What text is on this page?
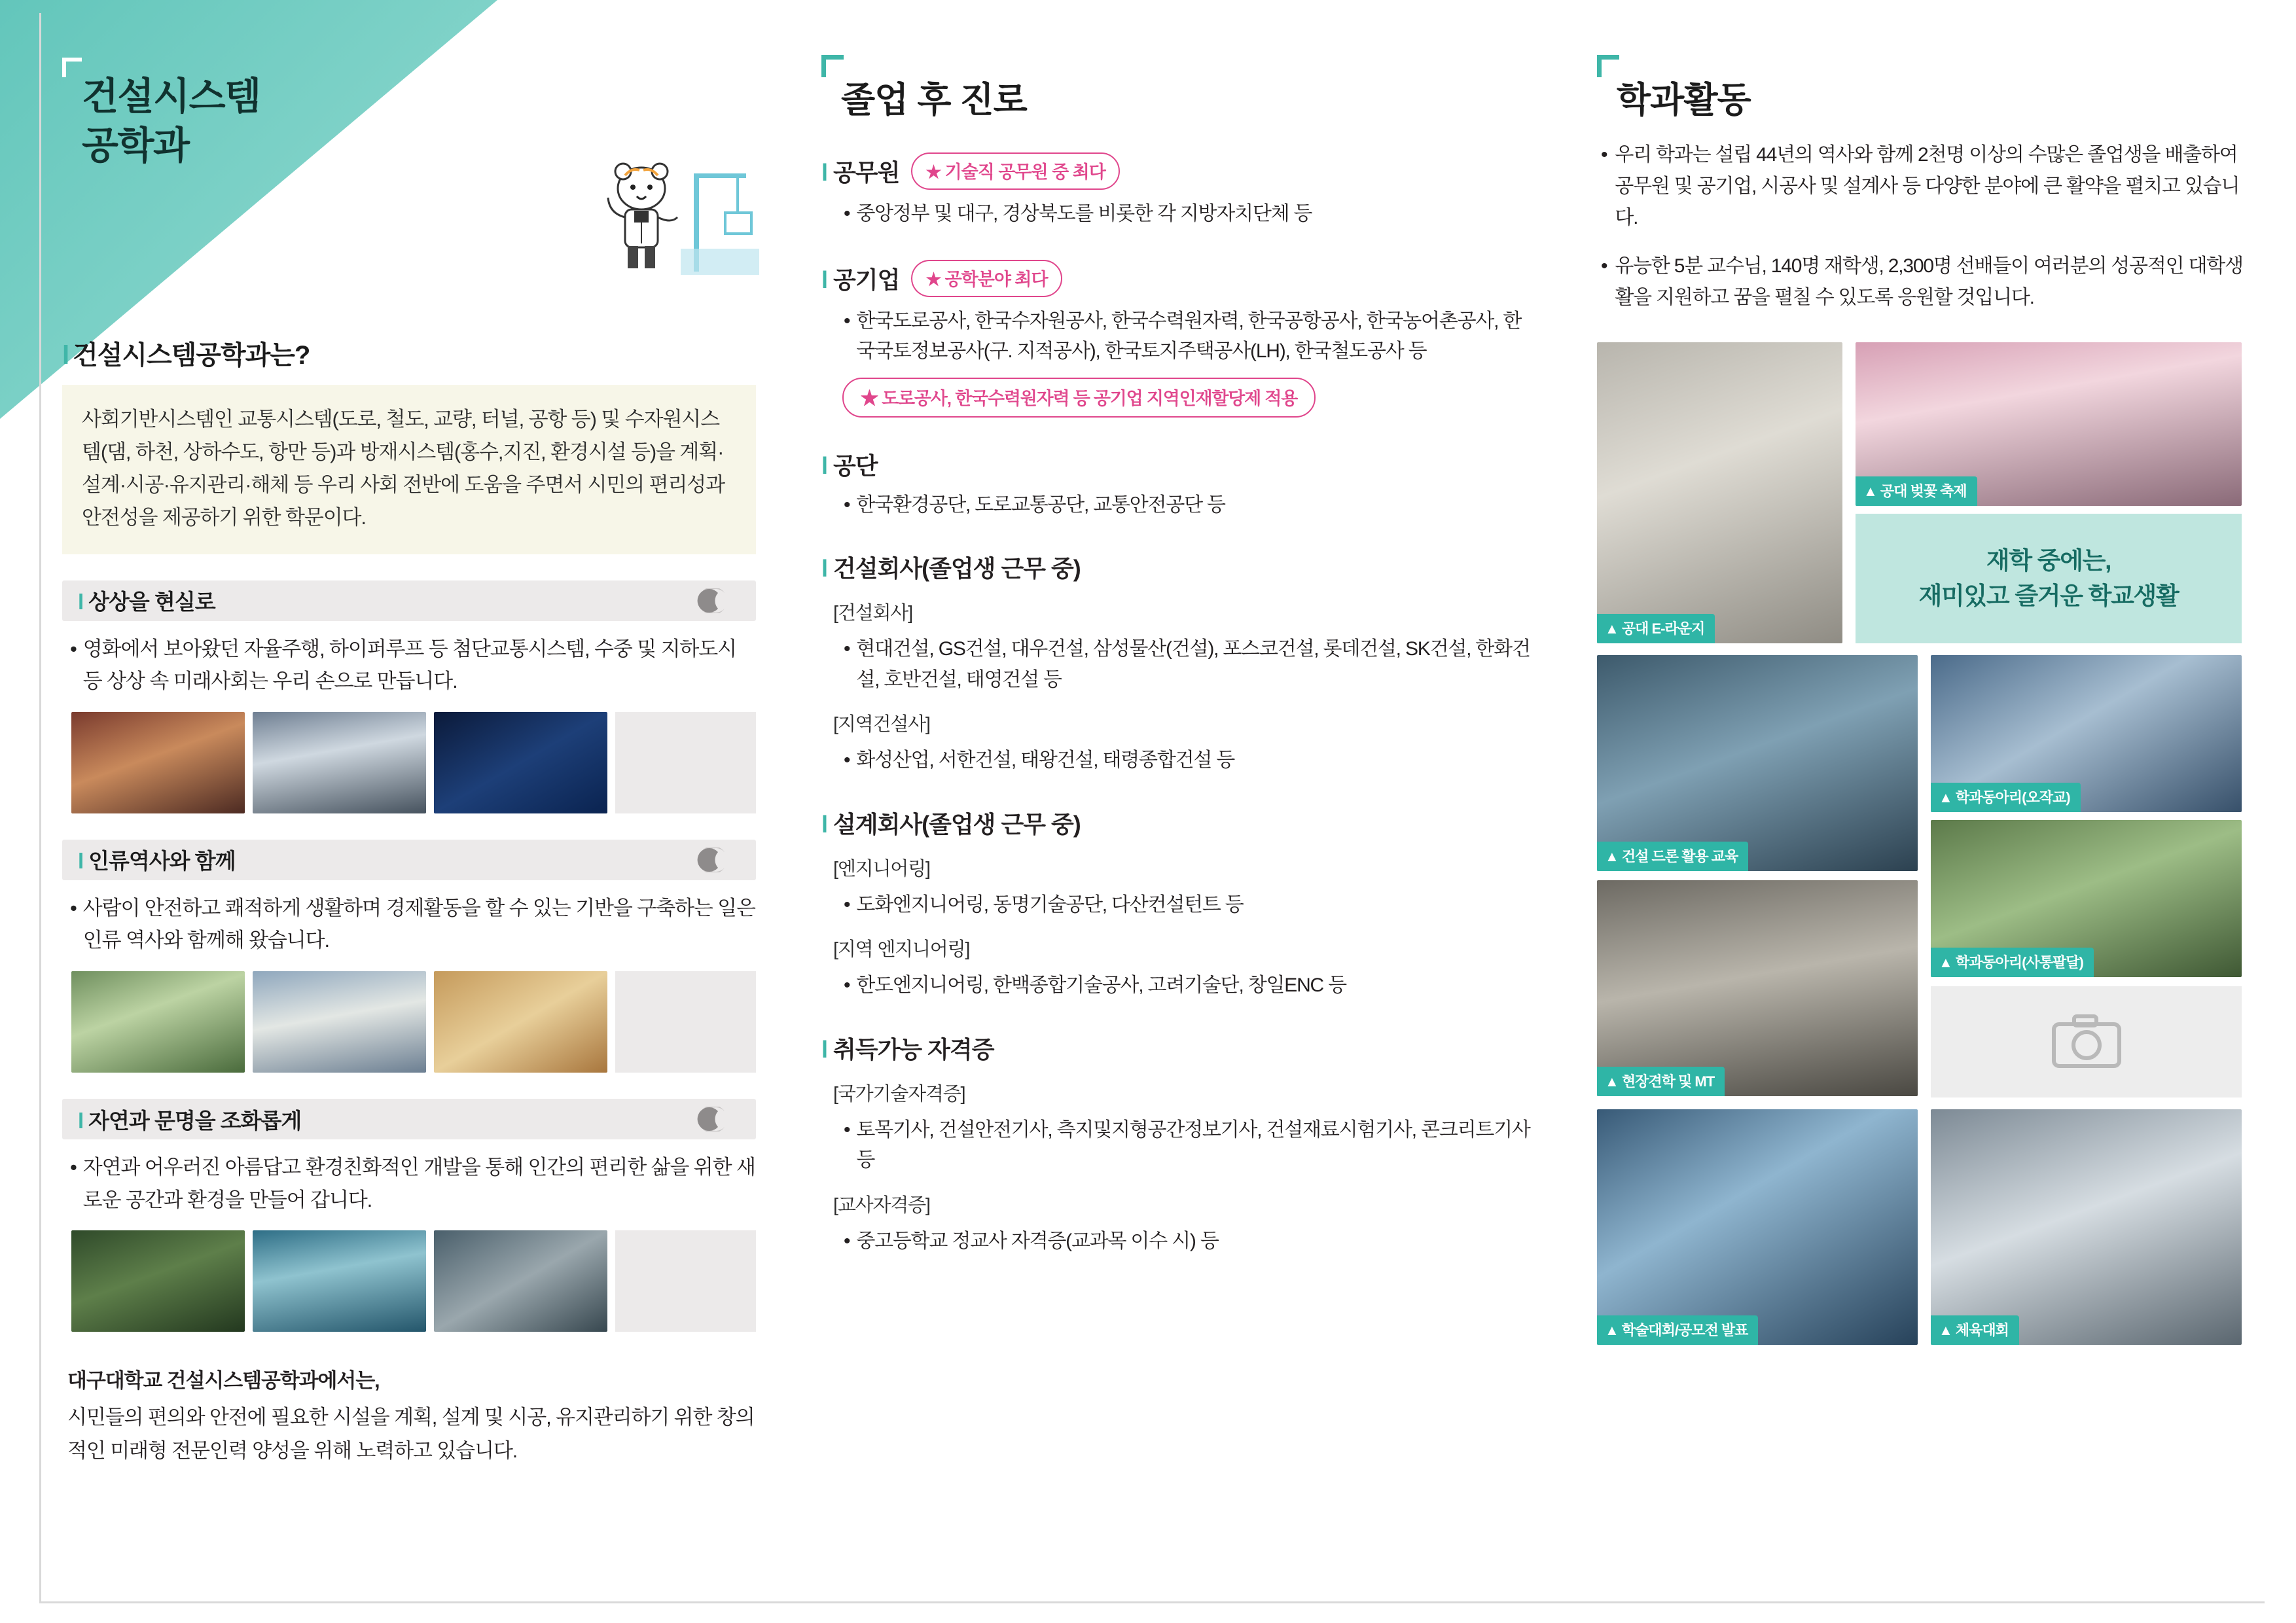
건설시스템
공학과
l 건설시스템공학과는?
사회기반시스템인 교통시스템(도로, 철도, 교량, 터널, 공항 등) 및 수자원시스템(댐, 하천, 상하수도, 항만 등)과 방재시스템(홍수,지진, 환경시설 등)을 계획·설계·시공·유지관리·해체 등 우리 사회 전반에 도움을 주면서 시민의 편리성과 안전성을 제공하기 위한 학문이다.
l 상상을 현실로
• 영화에서 보아왔던 자율주행, 하이퍼루프 등 첨단교통시스템, 수중 및 지하도시 등 상상 속 미래사회는 우리 손으로 만듭니다.
l 인류역사와 함께
• 사람이 안전하고 쾌적하게 생활하며 경제활동을 할 수 있는 기반을 구축하는 일은 인류 역사와 함께해 왔습니다.
l 자연과 문명을 조화롭게
• 자연과 어우러진 아름답고 환경친화적인 개발을 통해 인간의 편리한 삶을 위한 새로운 공간과 환경을 만들어 갑니다.
대구대학교 건설시스템공학과에서는,
시민들의 편의와 안전에 필요한 시설을 계획, 설계 및 시공, 유지관리하기 위한 창의적인 미래형 전문인력 양성을 위해 노력하고 있습니다.
졸업 후 진로
l 공무원	★ 기술직 공무원 중 최다
• 중앙정부 및 대구, 경상북도를 비롯한 각 지방자치단체 등
l 공기업	★ 공학분야 최다
• 한국도로공사, 한국수자원공사, 한국수력원자력, 한국공항공사, 한국농어촌공사, 한국국토정보공사(구. 지적공사), 한국토지주택공사(LH), 한국철도공사 등
★ 도로공사, 한국수력원자력 등 공기업 지역인재할당제 적용
l 공단
• 한국환경공단, 도로교통공단, 교통안전공단 등
l 건설회사(졸업생 근무 중)
[건설회사]
• 현대건설, GS건설, 대우건설, 삼성물산(건설), 포스코건설, 롯데건설, SK건설, 한화건설, 호반건설, 태영건설 등
[지역건설사]
• 화성산업, 서한건설, 태왕건설, 태령종합건설 등
l 설계회사(졸업생 근무 중)
[엔지니어링]
• 도화엔지니어링, 동명기술공단, 다산컨설턴트 등
[지역 엔지니어링]
• 한도엔지니어링, 한백종합기술공사, 고려기술단, 창일ENC 등
l 취득가능 자격증
[국가기술자격증]
• 토목기사, 건설안전기사, 측지및지형공간정보기사, 건설재료시험기사, 콘크리트기사 등
[교사자격증]
• 중고등학교 정교사 자격증(교과목 이수 시) 등
학과활동
• 우리 학과는 설립 44년의 역사와 함께 2천명 이상의 수많은 졸업생을 배출하여 공무원 및 공기업, 시공사 및 설계사 등 다양한 분야에 큰 활약을 펼치고 있습니다.
• 유능한 5분 교수님, 140명 재학생, 2,300명 선배들이 여러분의 성공적인 대학생활을 지원하고 꿈을 펼칠 수 있도록 응원할 것입니다.
▲ 공대 E-라운지
▲ 공대 벚꽃 축제
재학 중에는,
재미있고 즐거운 학교생활
▲ 건설 드론 활용 교육
▲ 학과동아리(오작교)
▲ 학과동아리(사통팔달)
▲ 현장견학 및 MT
▲ 학술대회/공모전 발표	▲ 체육대회
